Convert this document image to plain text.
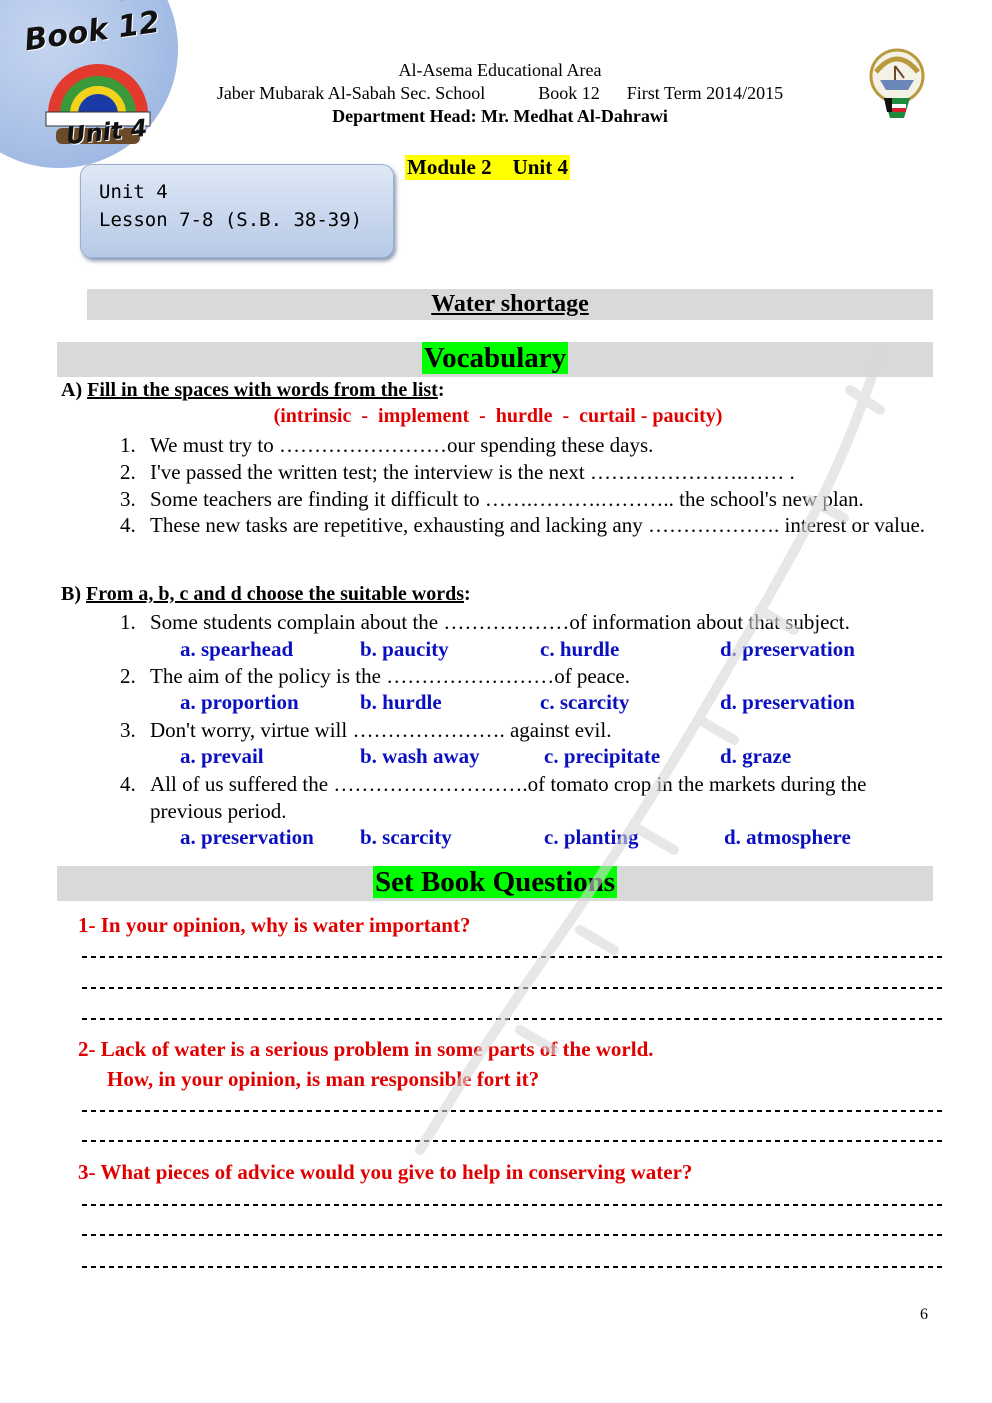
Book 12
Unit 4
Al-Asema Educational Area
Jaber Mubarak Al-Sabah Sec. School	Book 12 First Term 2014/2015
Department Head: Mr. Medhat Al-Dahrawi
Unit 4
Lesson 7-8 (S.B. 38-39)
Module 2    Unit 4
Water shortage
Vocabulary
A) Fill in the spaces with words from the list:
(intrinsic  -  implement  -  hurdle  -  curtail - paucity)
1. We must try to ……………………our spending these days.
2. I've passed the written test; the interview is the next ………………….…… .
3. Some teachers are finding it difficult to …….……….……….. the school's new plan.
4. These new tasks are repetitive, exhausting and lacking any ………………. interest or value.
B) From a, b, c and d choose the suitable words:
1. Some students complain about the ………………of information about that subject.
a. spearhead	b. paucity	c. hurdle	d. preservation
2. The aim of the policy is the ……………………of peace.
a. proportion	b. hurdle	c. scarcity	d. preservation
3. Don't worry, virtue will …………………. against evil.
a. prevail	b. wash away	c. precipitate	d. graze
4. All of us suffered the ……………………….of tomato crop in the markets during the previous period.
a. preservation b. scarcity	c. planting	d. atmosphere
Set Book Questions
1- In your opinion, why is water important?
2- Lack of water is a serious problem in some parts of the world.
How, in your opinion, is man responsible fort it?
3- What pieces of advice would you give to help in conserving water?
6
